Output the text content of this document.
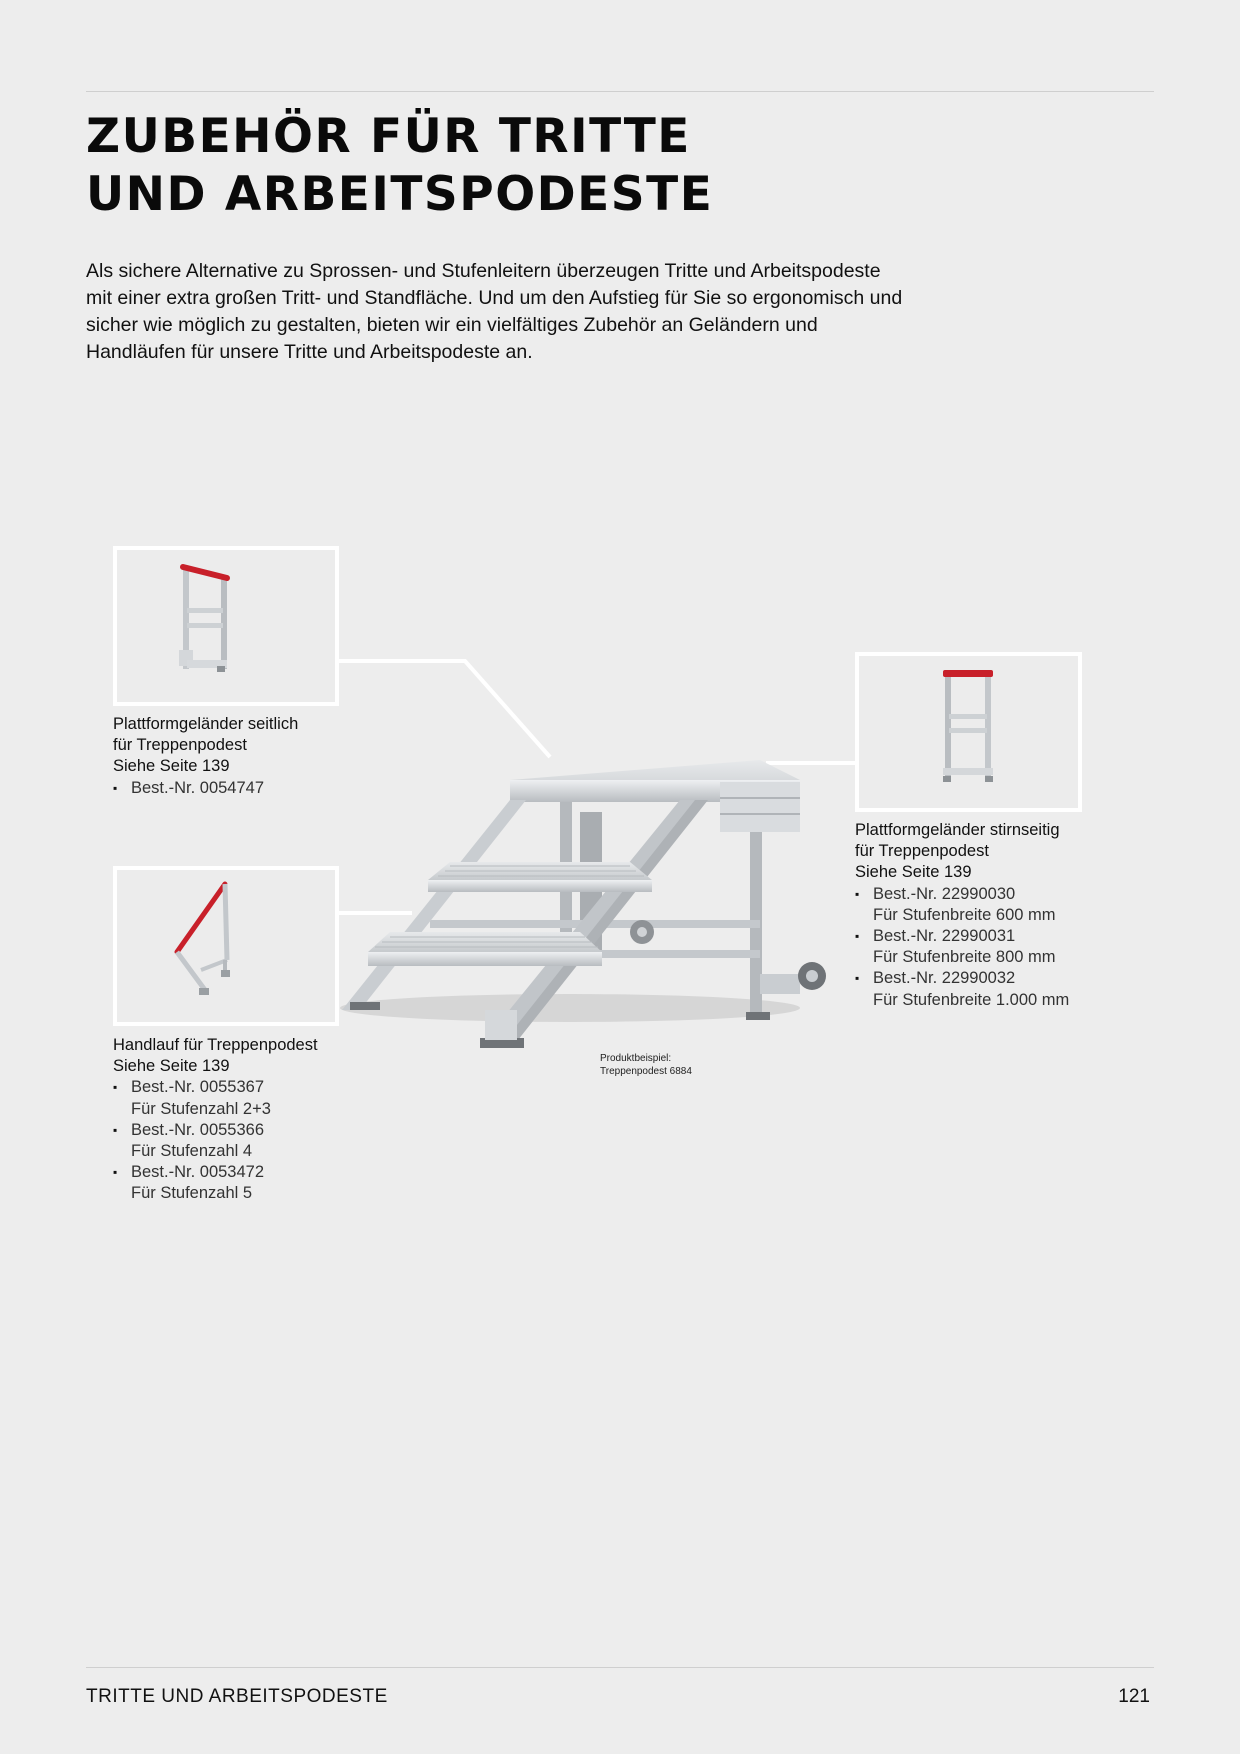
ZUBEHÖR FÜR TRITTE
UND ARBEITSPODESTE

Als sichere Alternative zu Sprossen- und Stufenleitern überzeugen Tritte und Arbeitspodeste mit einer extra großen Tritt- und Standfläche. Und um den Aufstieg für Sie so ergonomisch und sicher wie möglich zu gestalten, bieten wir ein vielfältiges Zubehör an Geländern und Handläufen für unsere Tritte und Arbeitspodeste an.

Plattformgeländer seitlich
für Treppenpodest
Siehe Seite 139
▪ Best.-Nr. 0054747
Handlauf für Treppenpodest
Siehe Seite 139
▪ Best.-Nr. 0055367
Für Stufenzahl 2+3
▪ Best.-Nr. 0055366
Für Stufenzahl 4
▪ Best.-Nr. 0053472
Für Stufenzahl 5
Plattformgeländer stirnseitig
für Treppenpodest
Siehe Seite 139
▪ Best.-Nr. 22990030
Für Stufenbreite 600 mm
▪ Best.-Nr. 22990031
Für Stufenbreite 800 mm
▪ Best.-Nr. 22990032
Für Stufenbreite 1.000 mm
Produktbeispiel:
Treppenpodest 6884
TRITTE UND ARBEITSPODESTE	121
